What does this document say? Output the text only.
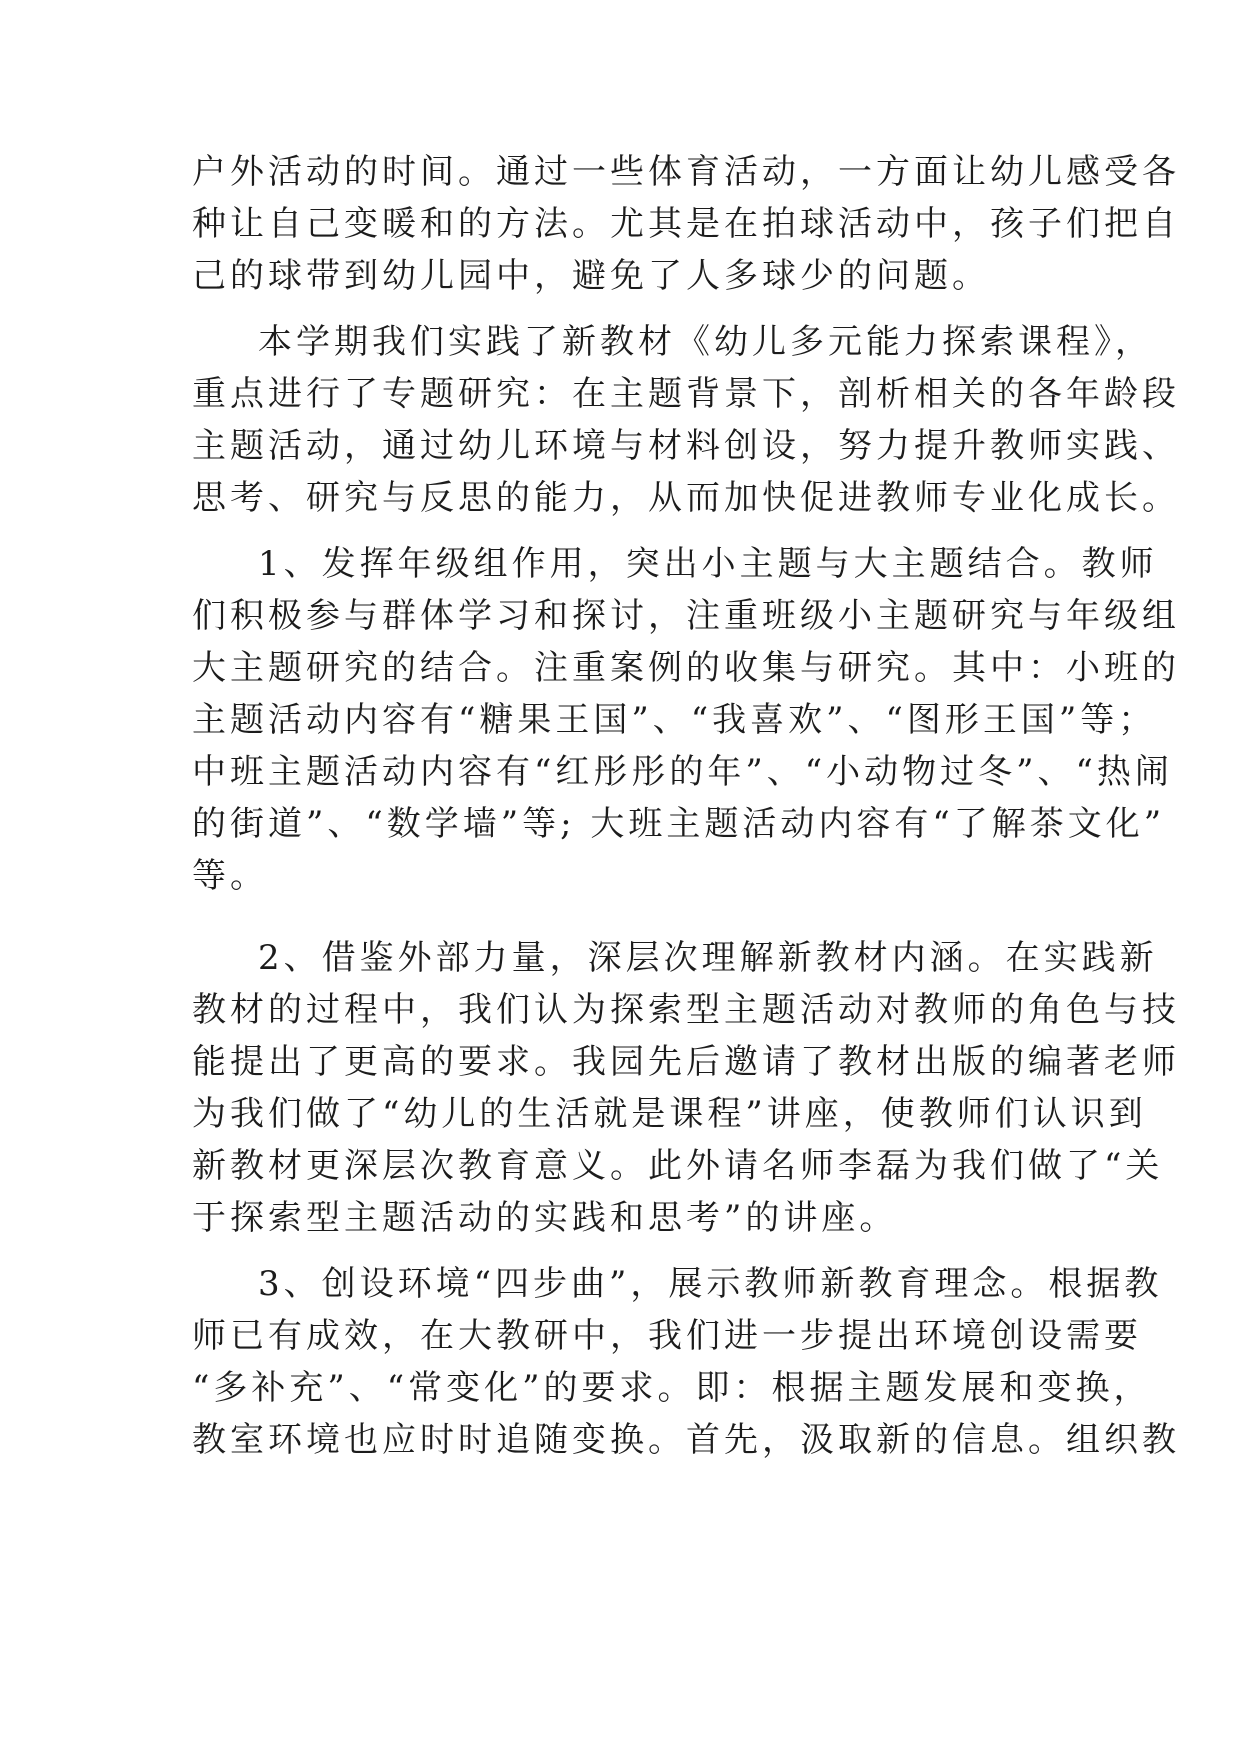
户外活动的时间。通过一些体育活动，一方面让幼儿感受各
种让自己变暖和的方法。尤其是在拍球活动中，孩子们把自
己的球带到幼儿园中，避免了人多球少的问题。
本学期我们实践了新教材《幼儿多元能力探索课程》，
重点进行了专题研究：在主题背景下，剖析相关的各年龄段
主题活动，通过幼儿环境与材料创设，努力提升教师实践、
思考、研究与反思的能力，从而加快促进教师专业化成长。
1、发挥年级组作用，突出小主题与大主题结合。教师
们积极参与群体学习和探讨，注重班级小主题研究与年级组
大主题研究的结合。注重案例的收集与研究。其中：小班的
主题活动内容有“糖果王国”、“我喜欢”、“图形王国”等；
中班主题活动内容有“红彤彤的年”、“小动物过冬”、“热闹
的街道”、“数学墙”等; 大班主题活动内容有“了解茶文化”
等。
2、借鉴外部力量，深层次理解新教材内涵。在实践新
教材的过程中，我们认为探索型主题活动对教师的角色与技
能提出了更高的要求。我园先后邀请了教材出版的编著老师
为我们做了“幼儿的生活就是课程”讲座，使教师们认识到
新教材更深层次教育意义。此外请名师李磊为我们做了“关
于探索型主题活动的实践和思考”的讲座。
3、创设环境“四步曲”，展示教师新教育理念。根据教
师已有成效，在大教研中，我们进一步提出环境创设需要
“多补充”、“常变化”的要求。即：根据主题发展和变换，
教室环境也应时时追随变换。首先，汲取新的信息。组织教
